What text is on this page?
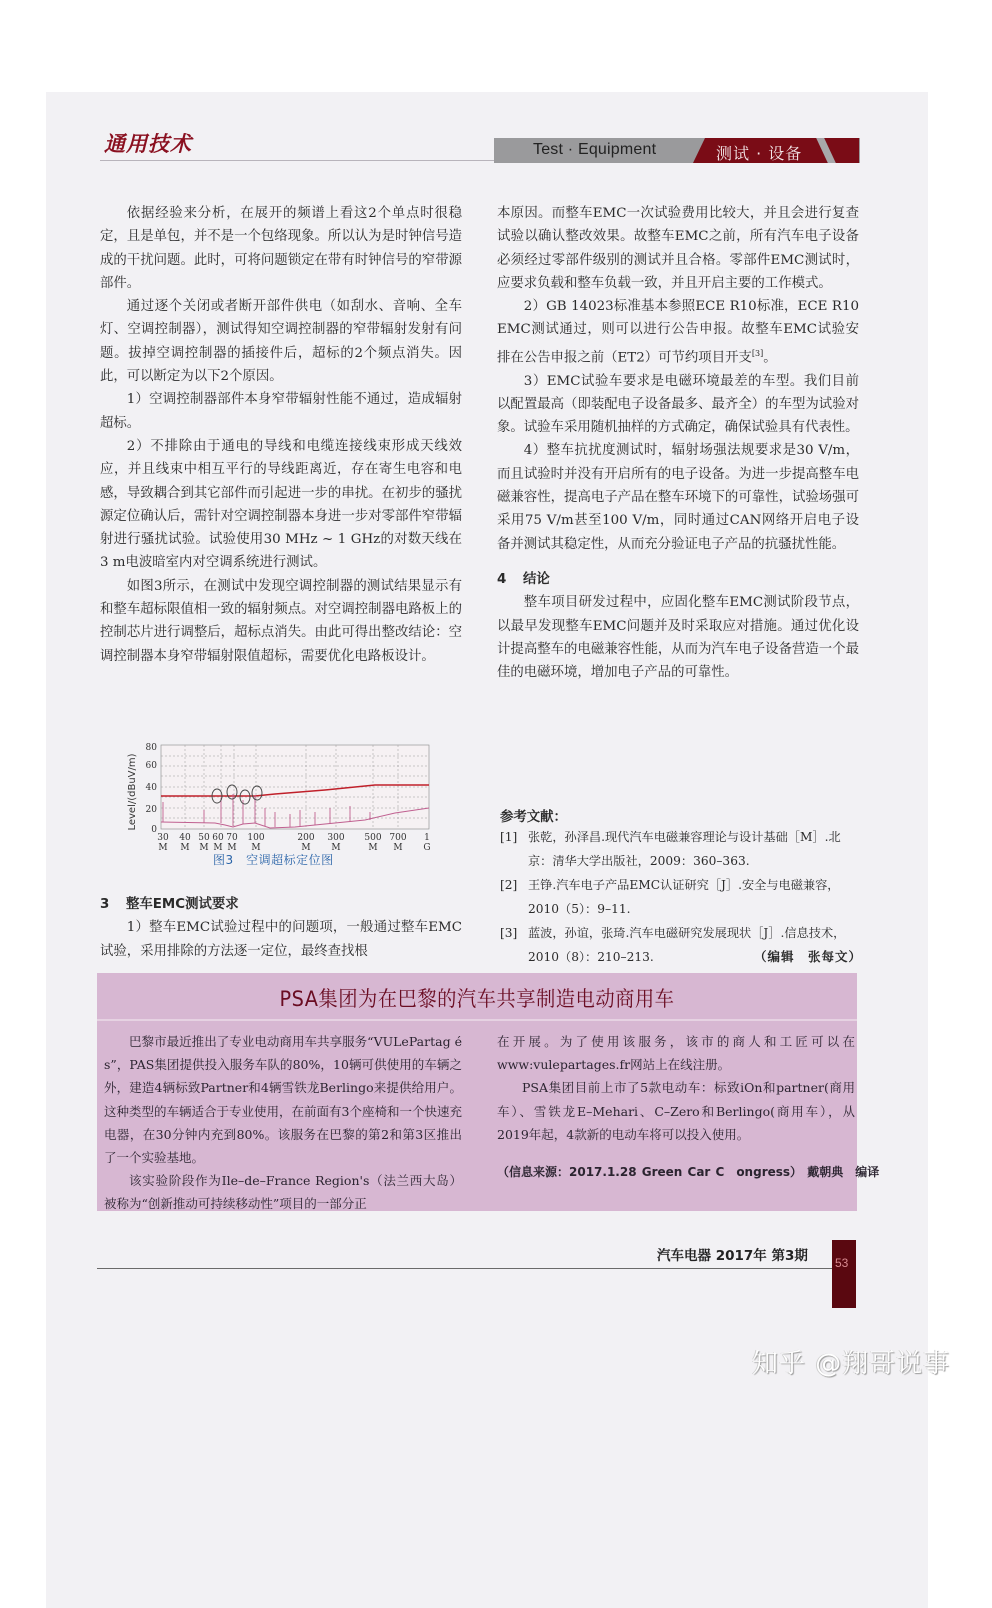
通用技术	Test · Equipment	测试 · 设备

依据经验来分析，在展开的频谱上看这2个单点时很稳定，且是单包，并不是一个包络现象。所以认为是时钟信号造成的干扰问题。此时，可将问题锁定在带有时钟信号的窄带源部件。

通过逐个关闭或者断开部件供电（如刮水、音响、全车灯、空调控制器），测试得知空调控制器的窄带辐射发射有问题。拔掉空调控制器的插接件后，超标的2个频点消失。因此，可以断定为以下2个原因。

1）空调控制器部件本身窄带辐射性能不通过，造成辐射超标。

2）不排除由于通电的导线和电缆连接线束形成天线效应，并且线束中相互平行的导线距离近，存在寄生电容和电感，导致耦合到其它部件而引起进一步的串扰。在初步的骚扰源定位确认后，需针对空调控制器本身进一步对零部件窄带辐射进行骚扰试验。试验使用30 MHz ~ 1 GHz的对数天线在3 m电波暗室内对空调系统进行测试。

如图3所示，在测试中发现空调控制器的测试结果显示有和整车超标限值相一致的辐射频点。对空调控制器电路板上的控制芯片进行调整后，超标点消失。由此可得出整改结论：空调控制器本身窄带辐射限值超标，需要优化电路板设计。

Level/(dBuV/m)
80
60
40
20
0
30
M
40
M
50
M
60
M
70
M
100
M
200
M
300
M
500
M
700
M
1
G
图3　空调超标定位图

3 整车EMC测试要求

1）整车EMC试验过程中的问题项，一般通过整车EMC试验，采用排除的方法逐一定位，最终查找根

本原因。而整车EMC一次试验费用比较大，并且会进行复查试验以确认整改效果。故整车EMC之前，所有汽车电子设备必须经过零部件级别的测试并且合格。零部件EMC测试时，应要求负载和整车负载一致，并且开启主要的工作模式。

2）GB 14023标准基本参照ECE R10标准，ECE R10 EMC测试通过，则可以进行公告申报。故整车EMC试验安排在公告申报之前（ET2）可节约项目开支[3]。

3）EMC试验车要求是电磁环境最差的车型。我们目前以配置最高（即装配电子设备最多、最齐全）的车型为试验对象。试验车采用随机抽样的方式确定，确保试验具有代表性。

4）整车抗扰度测试时，辐射场强法规要求是30 V/m，而且试验时并没有开启所有的电子设备。为进一步提高整车电磁兼容性，提高电子产品在整车环境下的可靠性，试验场强可采用75 V/m甚至100 V/m，同时通过CAN网络开启电子设备并测试其稳定性，从而充分验证电子产品的抗骚扰性能。

4 结论

整车项目研发过程中，应固化整车EMC测试阶段节点，以最早发现整车EMC问题并及时采取应对措施。通过优化设计提高整车的电磁兼容性能，从而为汽车电子设备营造一个最佳的电磁环境，增加电子产品的可靠性。

参考文献：
[1] 张乾，孙泽昌.现代汽车电磁兼容理论与设计基础［M］.北京：清华大学出版社，2009：360–363.
[2] 王铮.汽车电子产品EMC认证研究［J］.安全与电磁兼容，2010（5）：9–11.
[3] 蓝波，孙谊，张琦.汽车电磁研究发展现状［J］.信息技术，2010（8）：210–213.	（编辑　张每文）
PSA集团为在巴黎的汽车共享制造电动商用车

巴黎市最近推出了专业电动商用车共享服务“VULePartag é s”，PAS集团提供投入服务车队的80%，10辆可供使用的车辆之外，建造4辆标致Partner和4辆雪铁龙Berlingo来提供给用户。这种类型的车辆适合于专业使用，在前面有3个座椅和一个快速充电器，在30分钟内充到80%。该服务在巴黎的第2和第3区推出了一个实验基地。

该实验阶段作为Ile–de–France Region's（法兰西大岛）被称为“创新推动可持续移动性”项目的一部分正

在开展。为了使用该服务，该市的商人和工匠可以在www:vulepartages.fr网站上在线注册。

PSA集团目前上市了5款电动车：标致iOn和partner(商用车）、雪铁龙E–Mehari、C–Zero和Berlingo(商用车），从2019年起，4款新的电动车将可以投入使用。

（信息来源：2017.1.28 Green Car C　ongress） 戴朝典　编译
汽车电器 2017年 第3期 53
知乎 @翔哥说事
